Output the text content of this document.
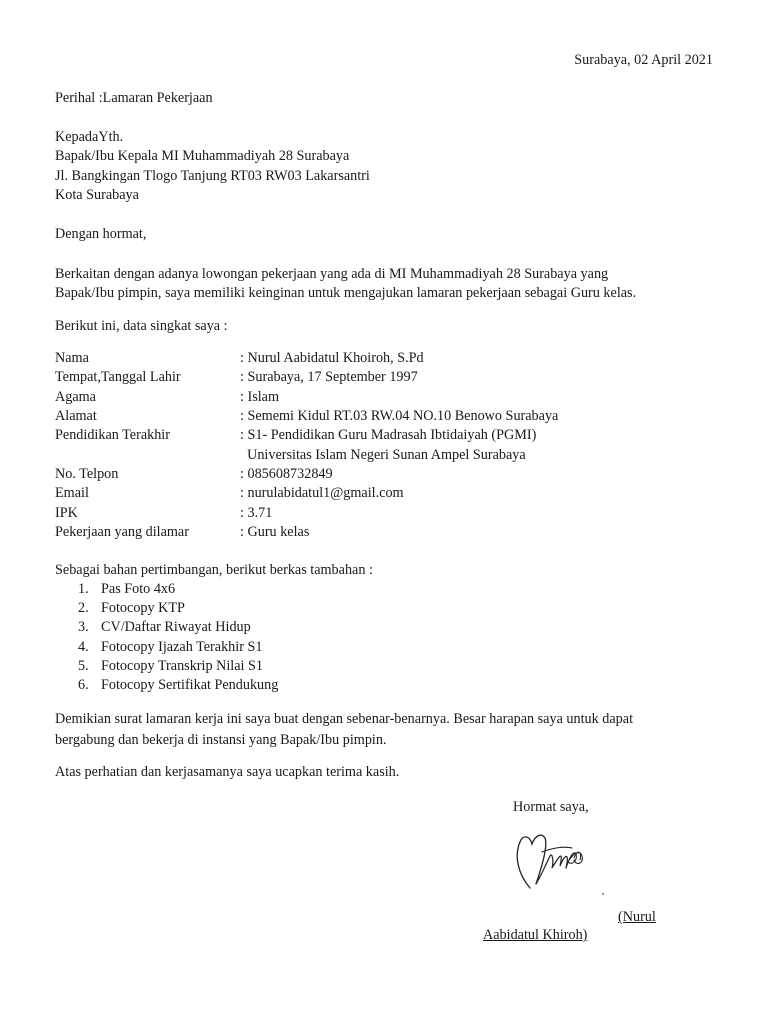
Surabaya, 02 April 2021
Perihal :Lamaran Pekerjaan
KepadaYth.
Bapak/Ibu Kepala MI Muhammadiyah 28 Surabaya
Jl. Bangkingan Tlogo Tanjung RT03 RW03 Lakarsantri
Kota Surabaya
Dengan hormat,
Berkaitan dengan adanya lowongan pekerjaan yang ada di MI Muhammadiyah 28 Surabaya yang
Bapak/Ibu pimpin, saya memiliki keinginan untuk mengajukan lamaran pekerjaan sebagai Guru kelas.
Berikut ini, data singkat saya :
Nama	: Nurul Aabidatul Khoiroh, S.Pd
Tempat,Tanggal Lahir	: Surabaya, 17 September 1997
Agama	: Islam
Alamat	: Sememi Kidul RT.03 RW.04 NO.10 Benowo Surabaya
Pendidikan Terakhir	: S1- Pendidikan Guru Madrasah Ibtidaiyah (PGMI)
Universitas Islam Negeri Sunan Ampel Surabaya
No. Telpon	: 085608732849
Email	: nurulabidatul1@gmail.com
IPK	: 3.71
Pekerjaan yang dilamar	: Guru kelas
Sebagai bahan pertimbangan, berikut berkas tambahan :
1. Pas Foto 4x6
2. Fotocopy KTP
3. CV/Daftar Riwayat Hidup
4. Fotocopy Ijazah Terakhir S1
5. Fotocopy Transkrip Nilai S1
6. Fotocopy Sertifikat Pendukung
Demikian surat lamaran kerja ini saya buat dengan sebenar-benarnya. Besar harapan saya untuk dapat
bergabung dan bekerja di instansi yang Bapak/Ibu pimpin.
Atas perhatian dan kerjasamanya saya ucapkan terima kasih.
Hormat saya,
(Nurul
Aabidatul Khiroh)
